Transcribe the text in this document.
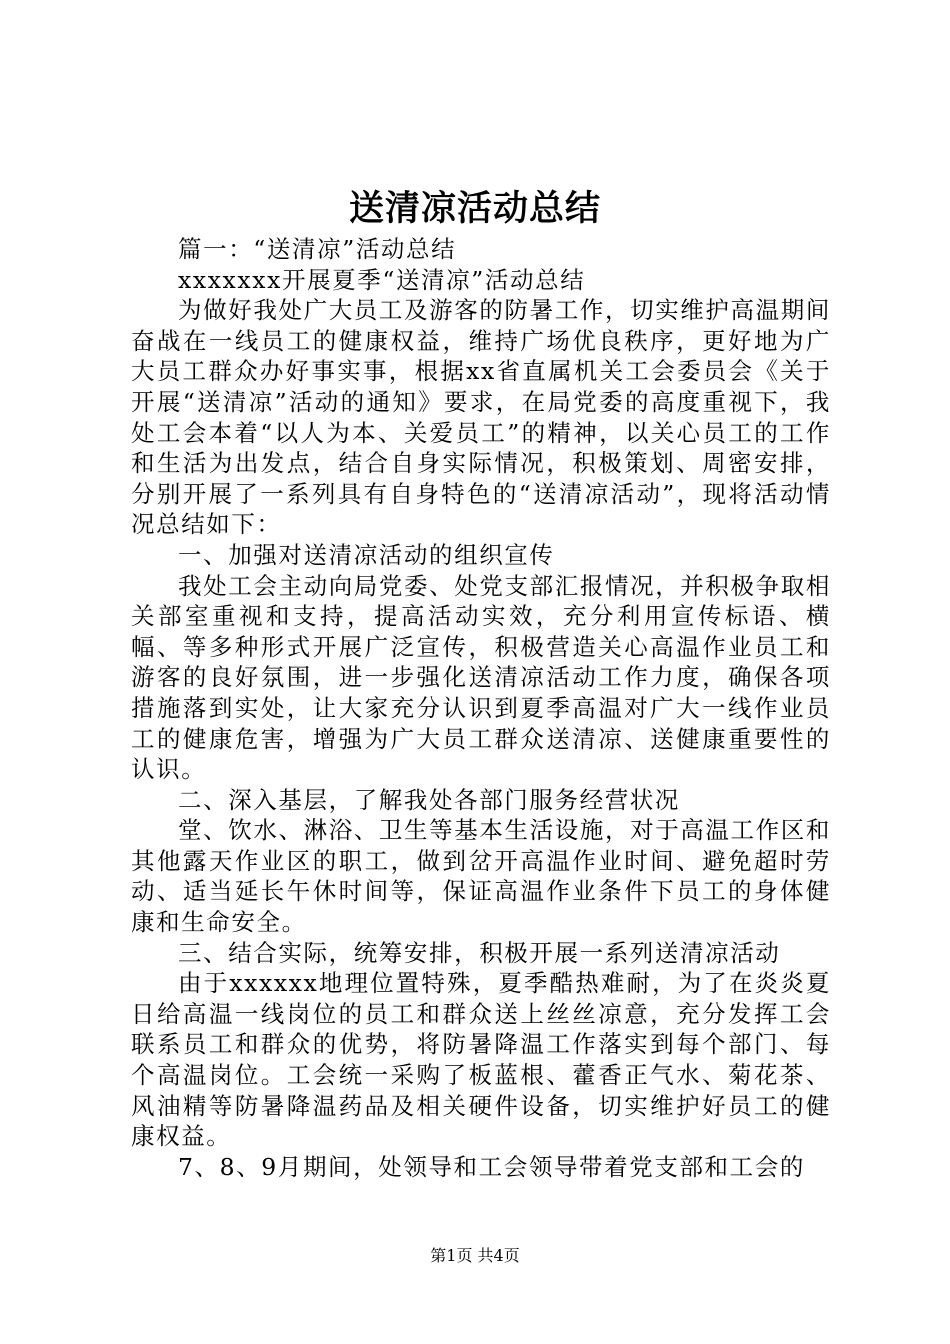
送清凉活动总结

篇一：“送清凉”活动总结

xxxxxxx开展夏季“送清凉”活动总结

为做好我处广大员工及游客的防暑工作，切实维护高温期间奋战在一线员工的健康权益，维持广场优良秩序，更好地为广大员工群众办好事实事，根据xx省直属机关工会委员会《关于开展“送清凉”活动的通知》要求，在局党委的高度重视下，我处工会本着“以人为本、关爱员工”的精神，以关心员工的工作和生活为出发点，结合自身实际情况，积极策划、周密安排，分别开展了一系列具有自身特色的“送清凉活动”，现将活动情况总结如下：

一、加强对送清凉活动的组织宣传

我处工会主动向局党委、处党支部汇报情况，并积极争取相关部室重视和支持，提高活动实效，充分利用宣传标语、横幅、等多种形式开展广泛宣传，积极营造关心高温作业员工和游客的良好氛围，进一步强化送清凉活动工作力度，确保各项措施落到实处，让大家充分认识到夏季高温对广大一线作业员工的健康危害，增强为广大员工群众送清凉、送健康重要性的认识。

二、深入基层，了解我处各部门服务经营状况

堂、饮水、淋浴、卫生等基本生活设施，对于高温工作区和其他露天作业区的职工，做到岔开高温作业时间、避免超时劳动、适当延长午休时间等，保证高温作业条件下员工的身体健康和生命安全。

三、结合实际，统筹安排，积极开展一系列送清凉活动

由于xxxxxx地理位置特殊，夏季酷热难耐，为了在炎炎夏日给高温一线岗位的员工和群众送上丝丝凉意，充分发挥工会联系员工和群众的优势，将防暑降温工作落实到每个部门、每个高温岗位。工会统一采购了板蓝根、藿香正气水、菊花茶、风油精等防暑降温药品及相关硬件设备，切实维护好员工的健康权益。

7、8、9月期间，处领导和工会领导带着党支部和工会的

第1页 共4页
